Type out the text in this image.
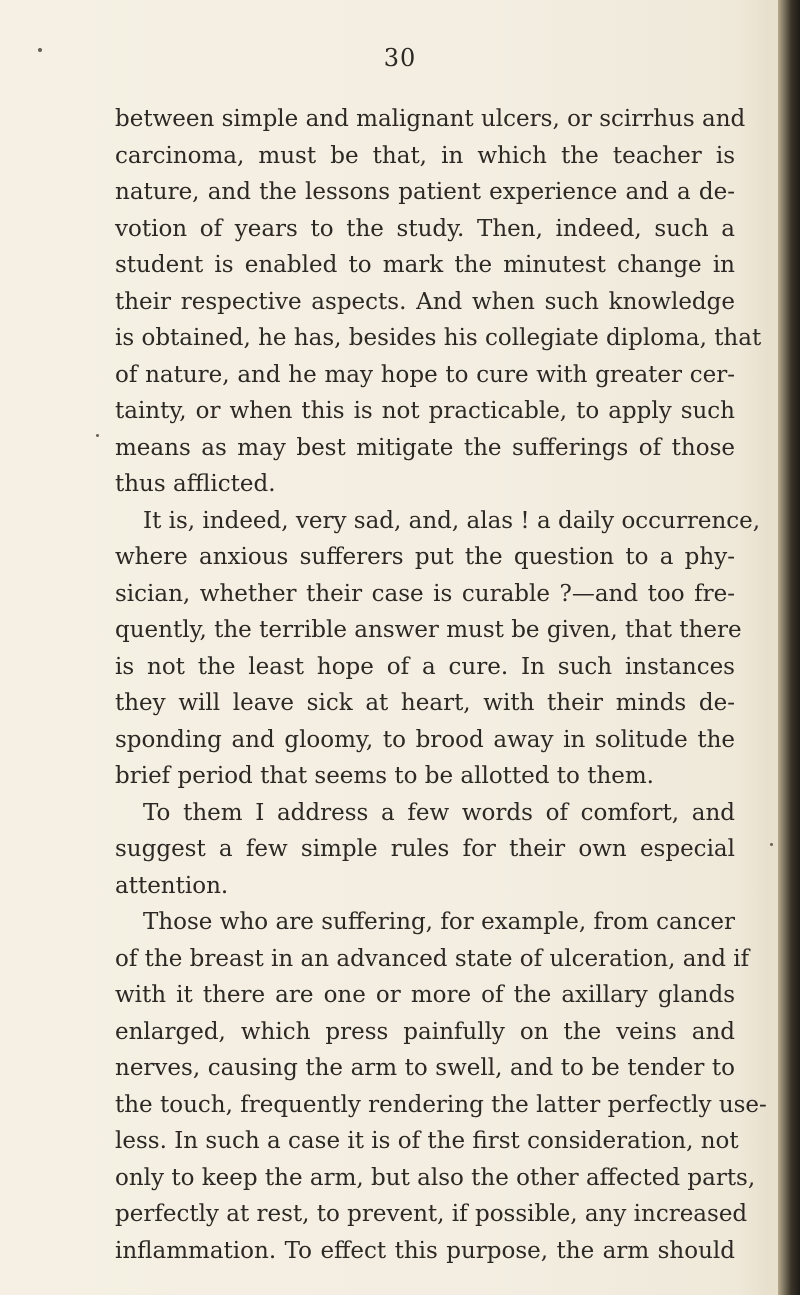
30
between simple and malignant ulcers, or scirrhus and
carcinoma, must be that, in which the teacher is
nature, and the lessons patient experience and a de-
votion of years to the study. Then, indeed, such a
student is enabled to mark the minutest change in
their respective aspects. And when such knowledge
is obtained, he has, besides his collegiate diploma, that
of nature, and he may hope to cure with greater cer-
tainty, or when this is not practicable, to apply such
means as may best mitigate the sufferings of those
thus afflicted.
It is, indeed, very sad, and, alas ! a daily occurrence,
where anxious sufferers put the question to a phy-
sician, whether their case is curable ?—and too fre-
quently, the terrible answer must be given, that there
is not the least hope of a cure. In such instances
they will leave sick at heart, with their minds de-
sponding and gloomy, to brood away in solitude the
brief period that seems to be allotted to them.
To them I address a few words of comfort, and
suggest a few simple rules for their own especial
attention.
Those who are suffering, for example, from cancer
of the breast in an advanced state of ulceration, and if
with it there are one or more of the axillary glands
enlarged, which press painfully on the veins and
nerves, causing the arm to swell, and to be tender to
the touch, frequently rendering the latter perfectly use-
less. In such a case it is of the first consideration, not
only to keep the arm, but also the other affected parts,
perfectly at rest, to prevent, if possible, any increased
inflammation. To effect this purpose, the arm should
